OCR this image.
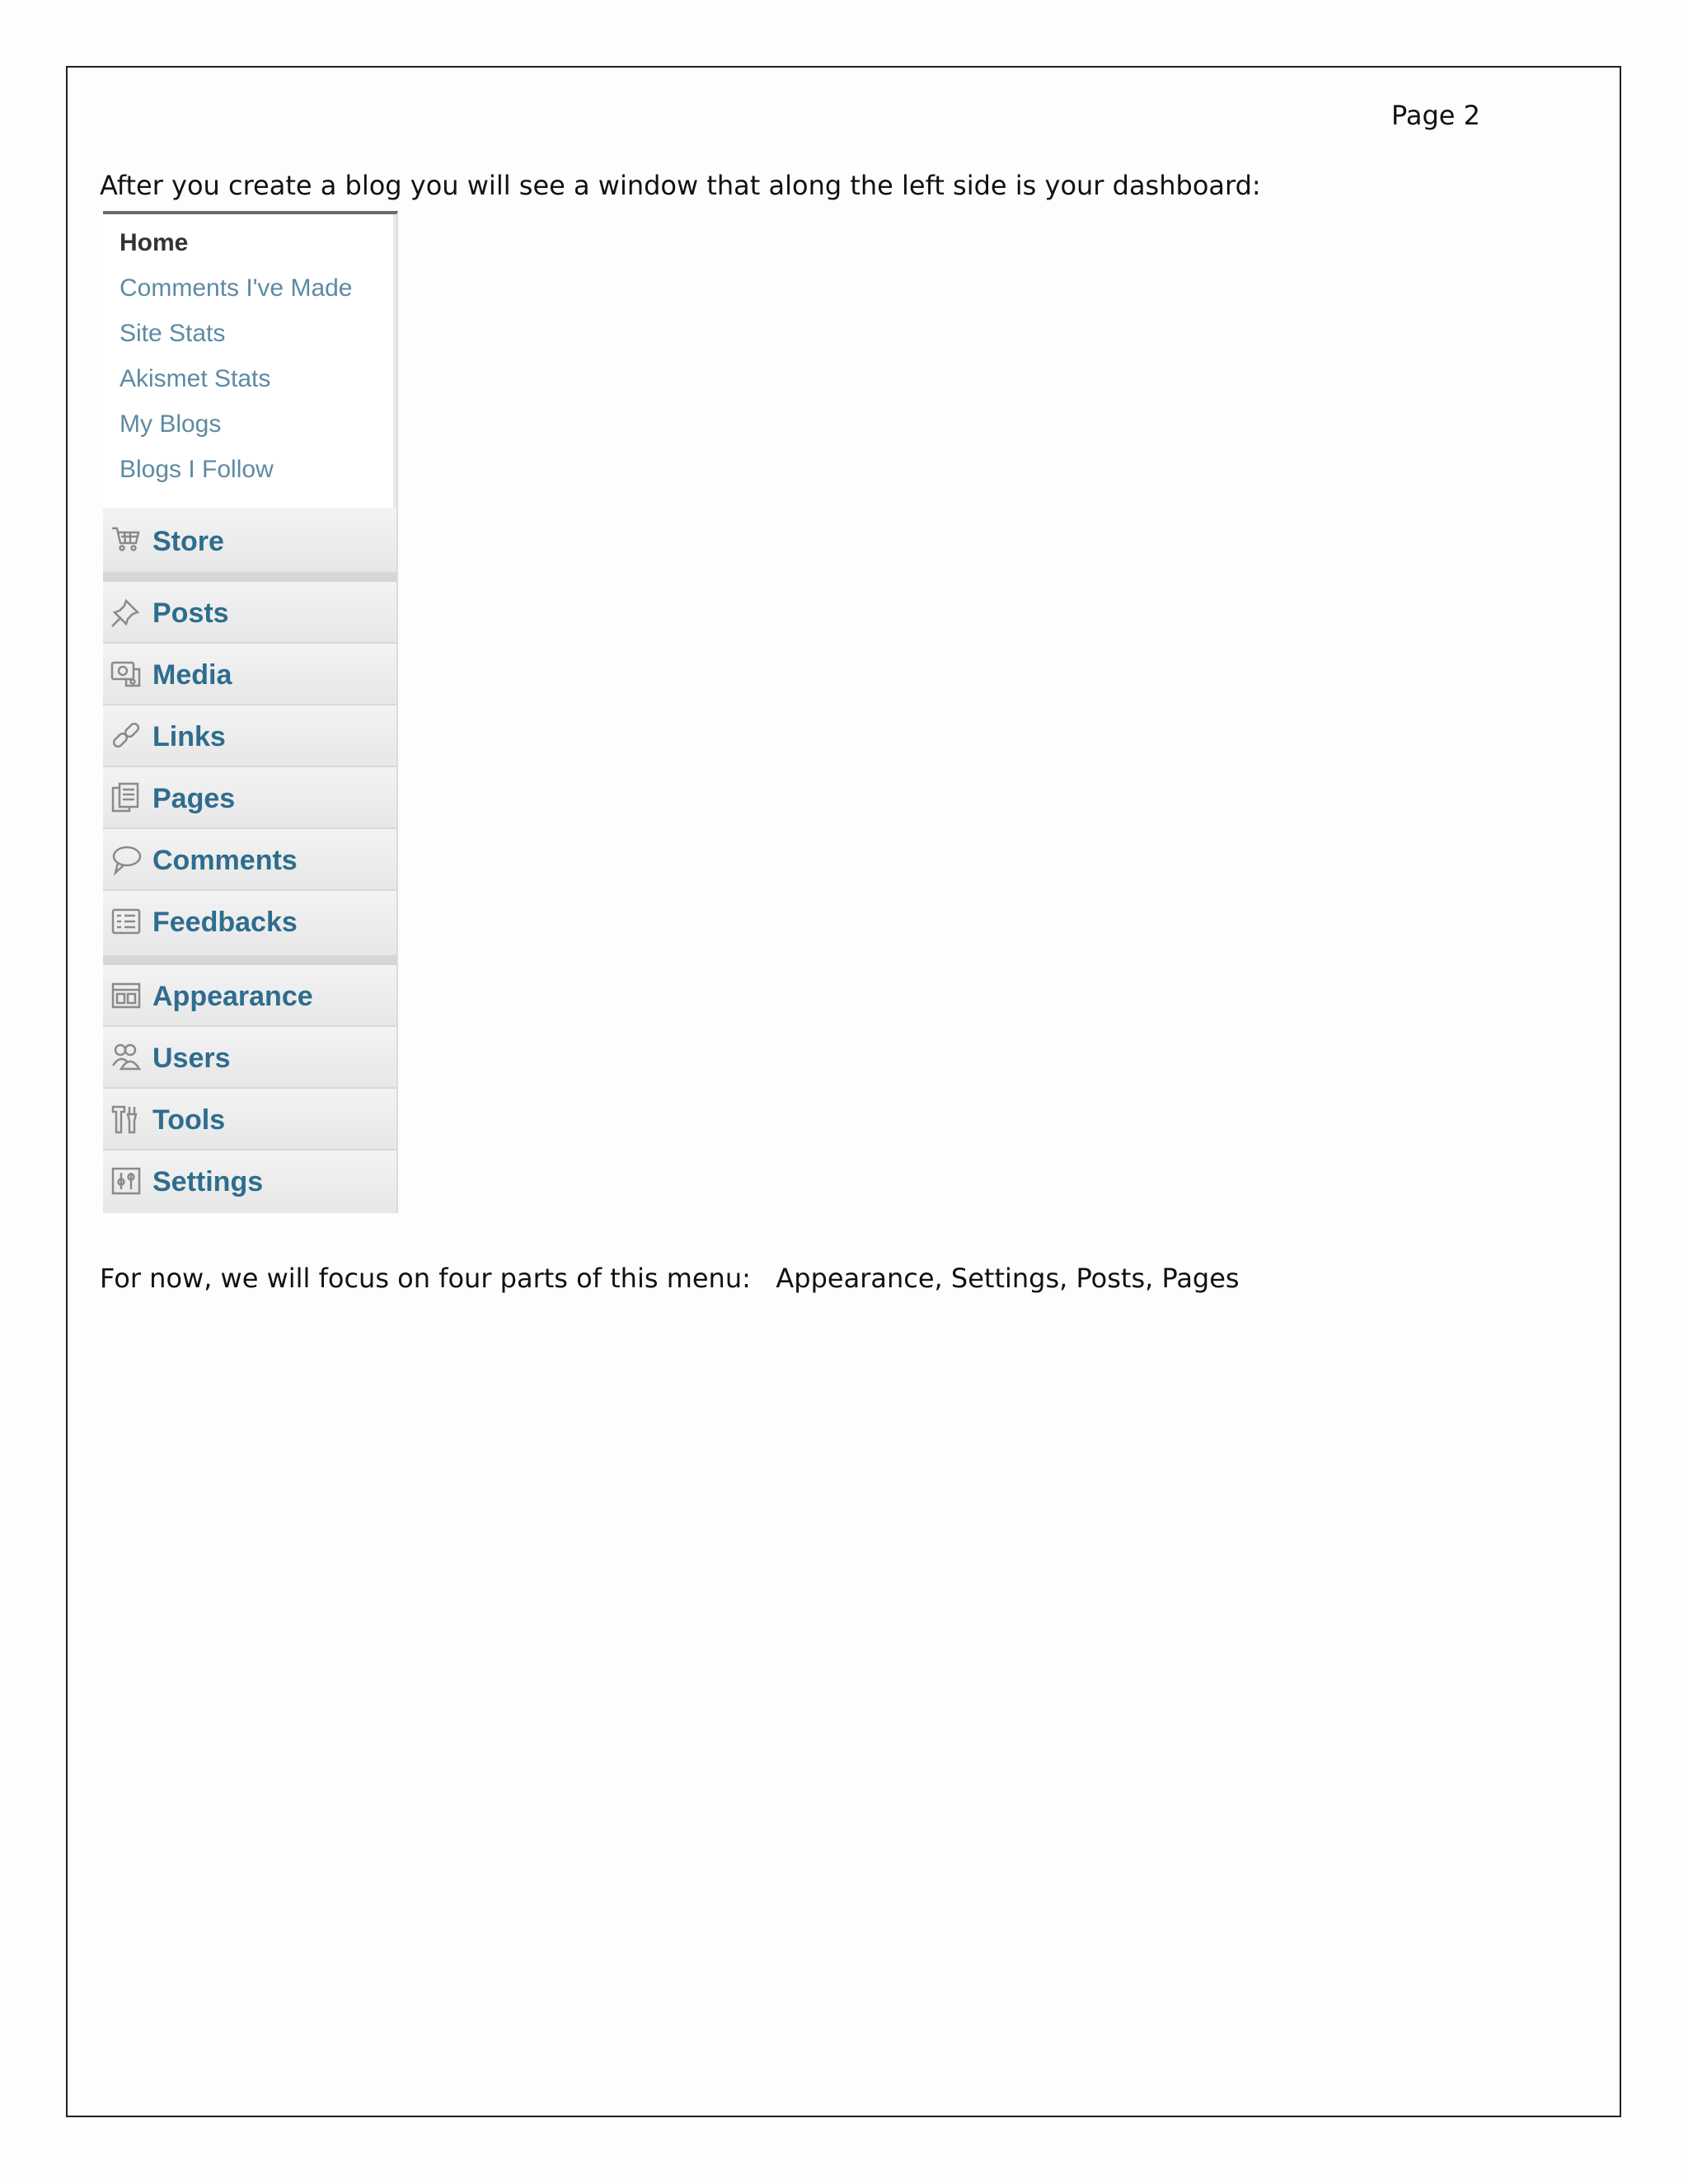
Page 2
After you create a blog you will see a window that along the left side is your dashboard:
Home
Comments I've Made
Site Stats
Akismet Stats
My Blogs
Blogs I Follow
Store
Posts
Media
Links
Pages
Comments
Feedbacks
Appearance
Users
Tools
Settings
For now, we will focus on four parts of this menu:   Appearance, Settings, Posts, Pages
